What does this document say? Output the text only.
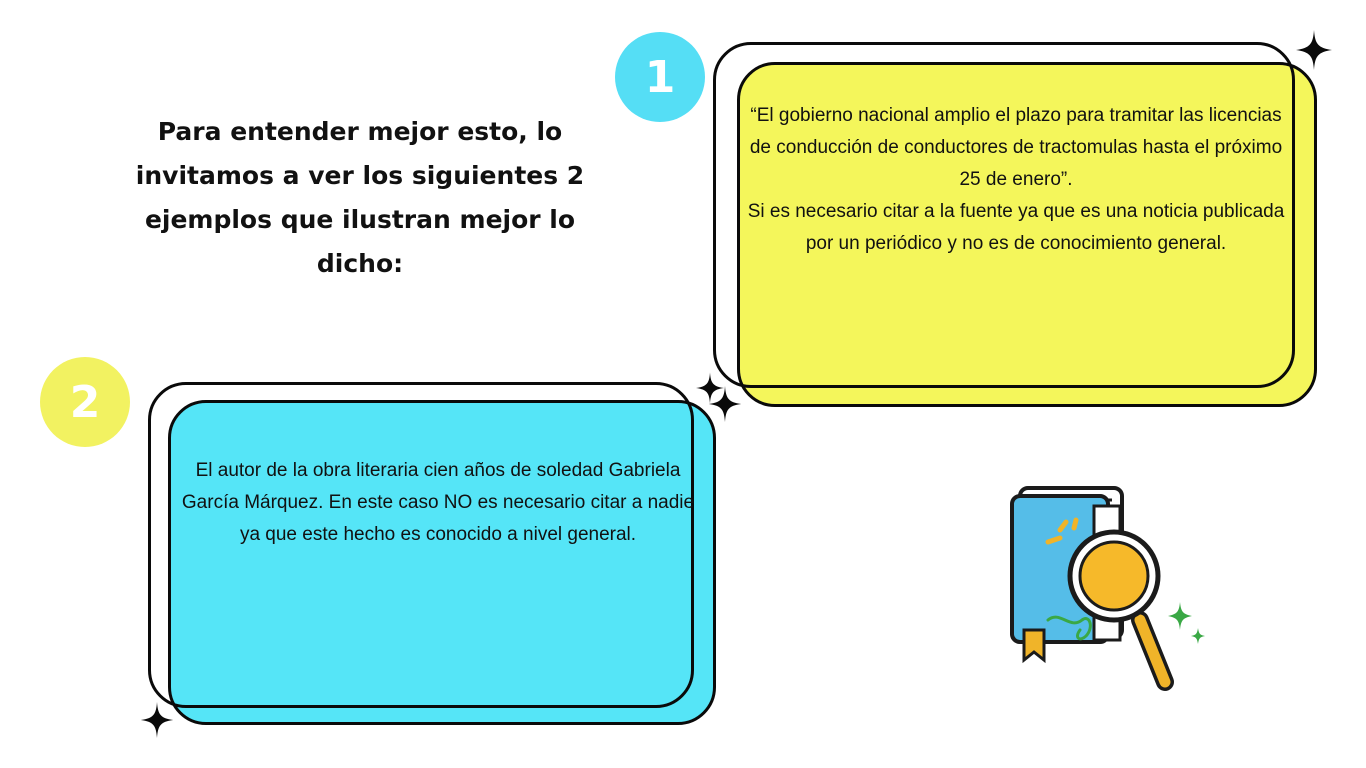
Para entender mejor esto, lo invitamos a ver los siguientes 2 ejemplos que ilustran mejor lo dicho:
“El gobierno nacional amplio el plazo para tramitar las licencias de conducción de conductores de tractomulas hasta el próximo 25 de enero”.
Si es necesario citar a la fuente ya que es una noticia publicada por un periódico y no es de conocimiento general.
1
El autor de la obra literaria cien años de soledad Gabriela García Márquez. En este caso NO es necesario citar a nadie ya que este hecho es conocido a nivel general.
2
